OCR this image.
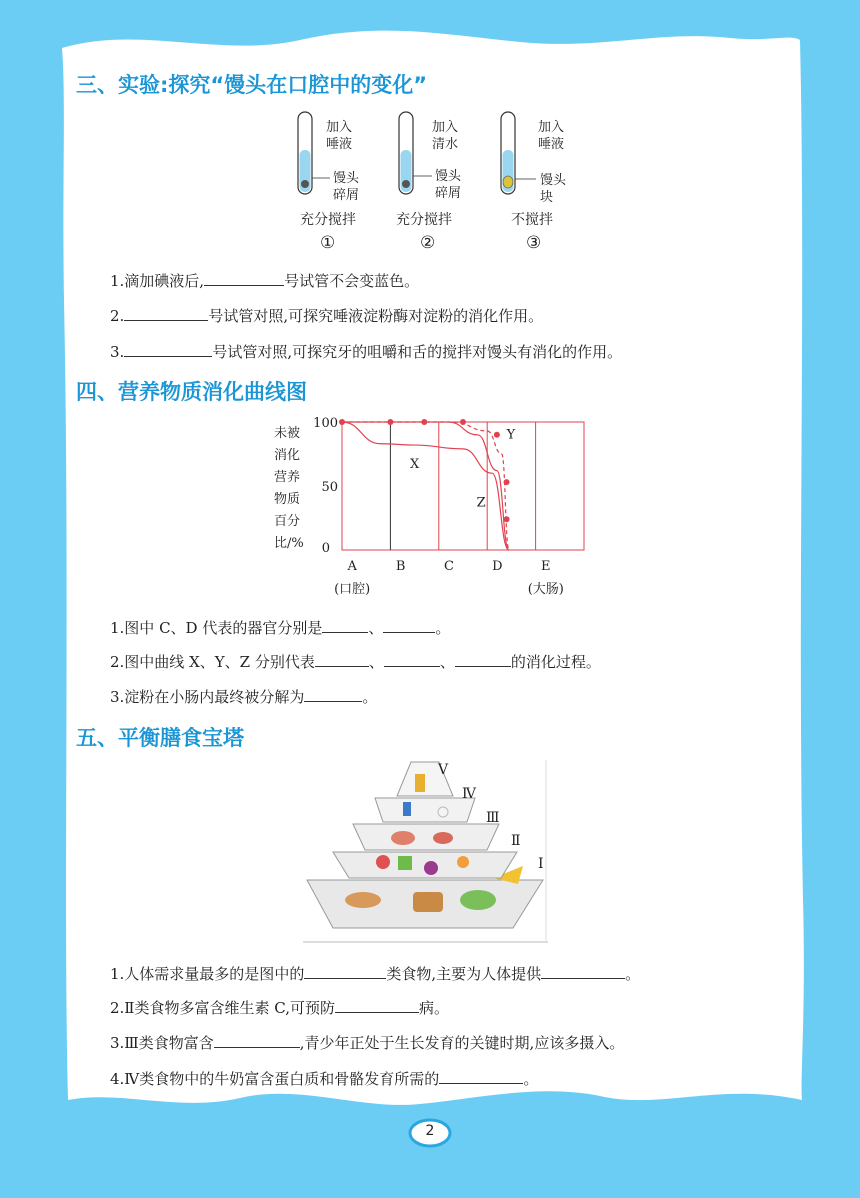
三、实验:探究“馒头在口腔中的变化”
加入
唾液
加入
清水
加入
唾液
馒头
碎屑
馒头
碎屑
馒头
块
充分搅拌	充分搅拌	不搅拌
①	②	③
1.滴加碘液后,	号试管不会变蓝色。
2.	号试管对照,可探究唾液淀粉酶对淀粉的消化作用。
3.	号试管对照,可探究牙的咀嚼和舌的搅拌对馒头有消化的作用。
四、营养物质消化曲线图
未被
消化
营养
物质
百分
比/%
100
50
0
A
(口腔)
B	C	D	E
(大肠)
X
Y
Z
1.图中 C、D 代表的器官分别是	、	。
2.图中曲线 X、Y、Z 分别代表	、	、	的消化过程。
3.淀粉在小肠内最终被分解为	。
五、平衡膳食宝塔
Ⅴ
Ⅳ
Ⅲ
Ⅱ
Ⅰ
1.人体需求量最多的是图中的	类食物,主要为人体提供	。
2.Ⅱ类食物多富含维生素 C,可预防	病。
3.Ⅲ类食物富含	,青少年正处于生长发育的关键时期,应该多摄入。
4.Ⅳ类食物中的牛奶富含蛋白质和骨骼发育所需的	。
2
